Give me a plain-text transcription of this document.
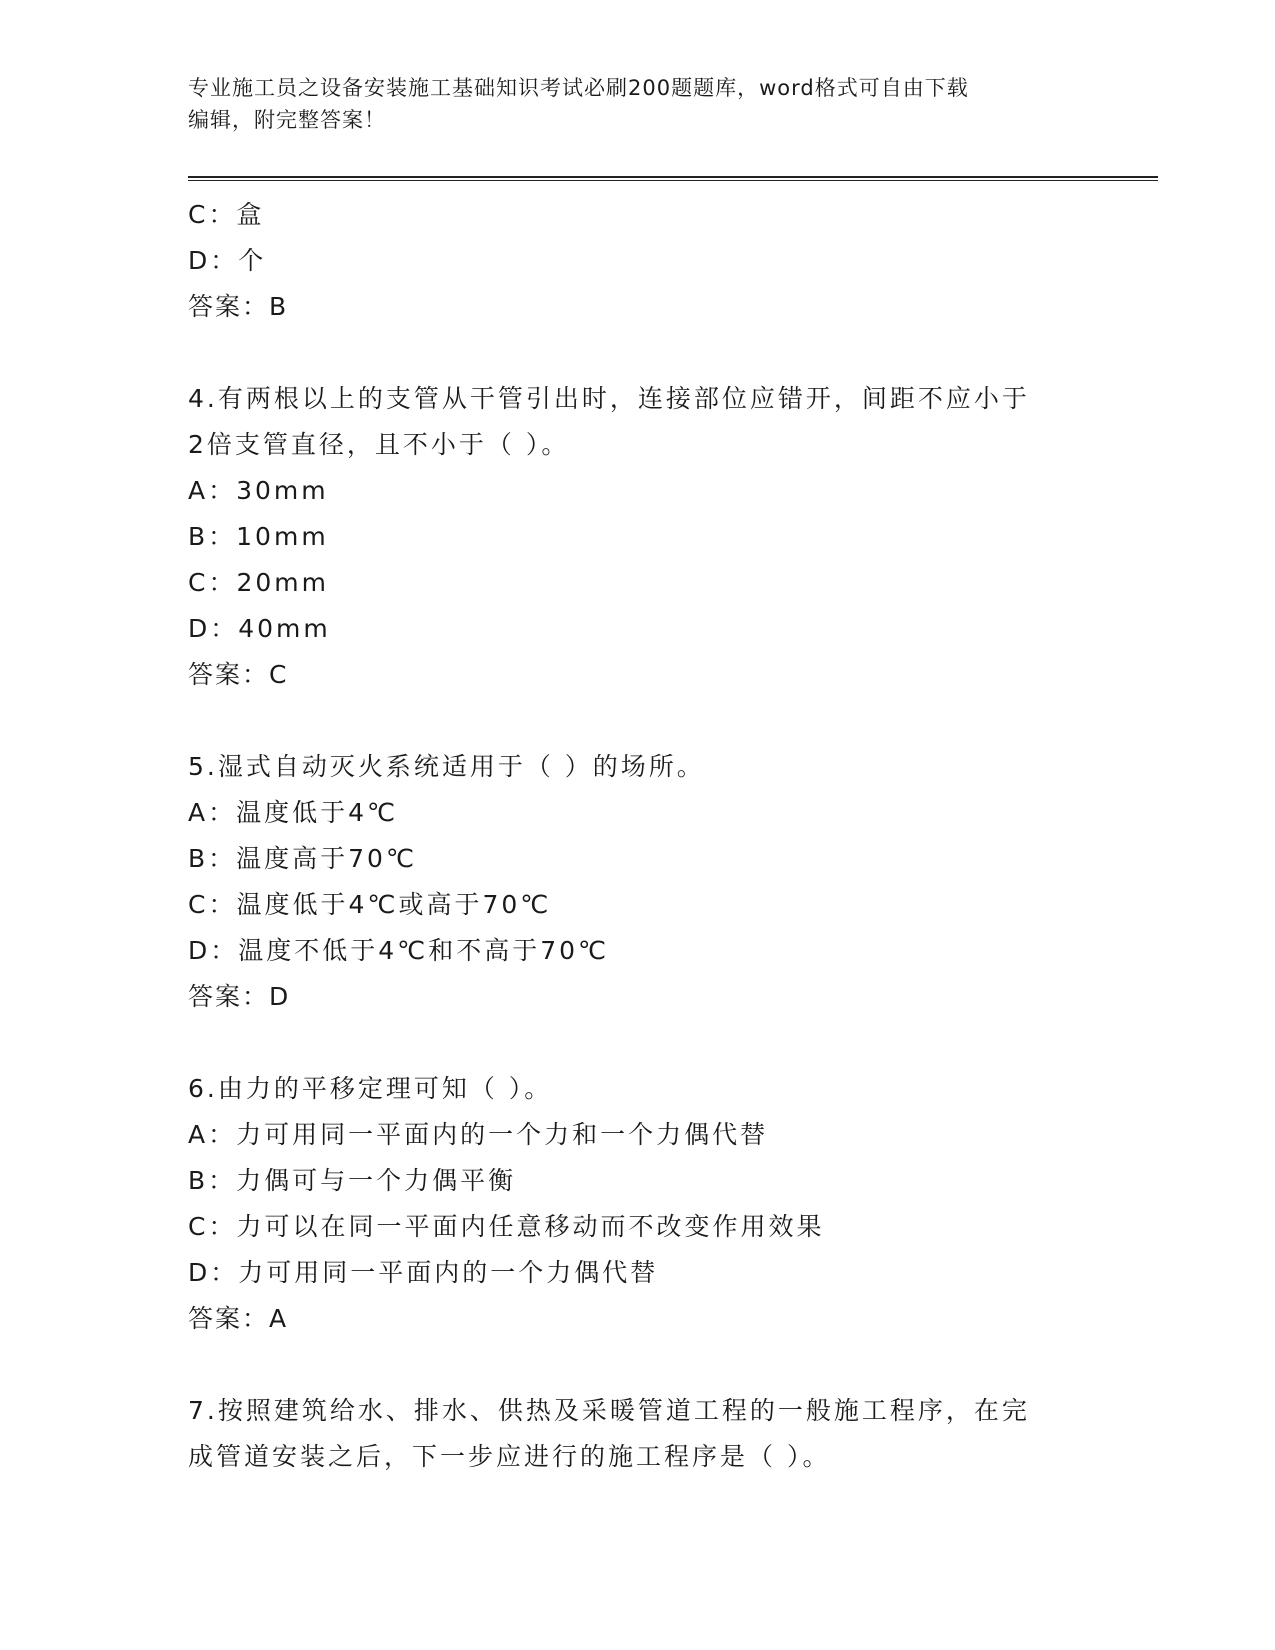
专业施工员之设备安装施工基础知识考试必刷200题题库，word格式可自由下载
编辑，附完整答案！
C：盒
D：个
答案：B
4.有两根以上的支管从干管引出时，连接部位应错开，间距不应小于
2倍支管直径，且不小于（ ）。
A：30mm
B：10mm
C：20mm
D：40mm
答案：C
5.湿式自动灭火系统适用于（ ）的场所。
A：温度低于4℃
B：温度高于70℃
C：温度低于4℃或高于70℃
D：温度不低于4℃和不高于70℃
答案：D
6.由力的平移定理可知（ ）。
A：力可用同一平面内的一个力和一个力偶代替
B：力偶可与一个力偶平衡
C：力可以在同一平面内任意移动而不改变作用效果
D：力可用同一平面内的一个力偶代替
答案：A
7.按照建筑给水、排水、供热及采暖管道工程的一般施工程序，在完
成管道安装之后，下一步应进行的施工程序是（ ）。
